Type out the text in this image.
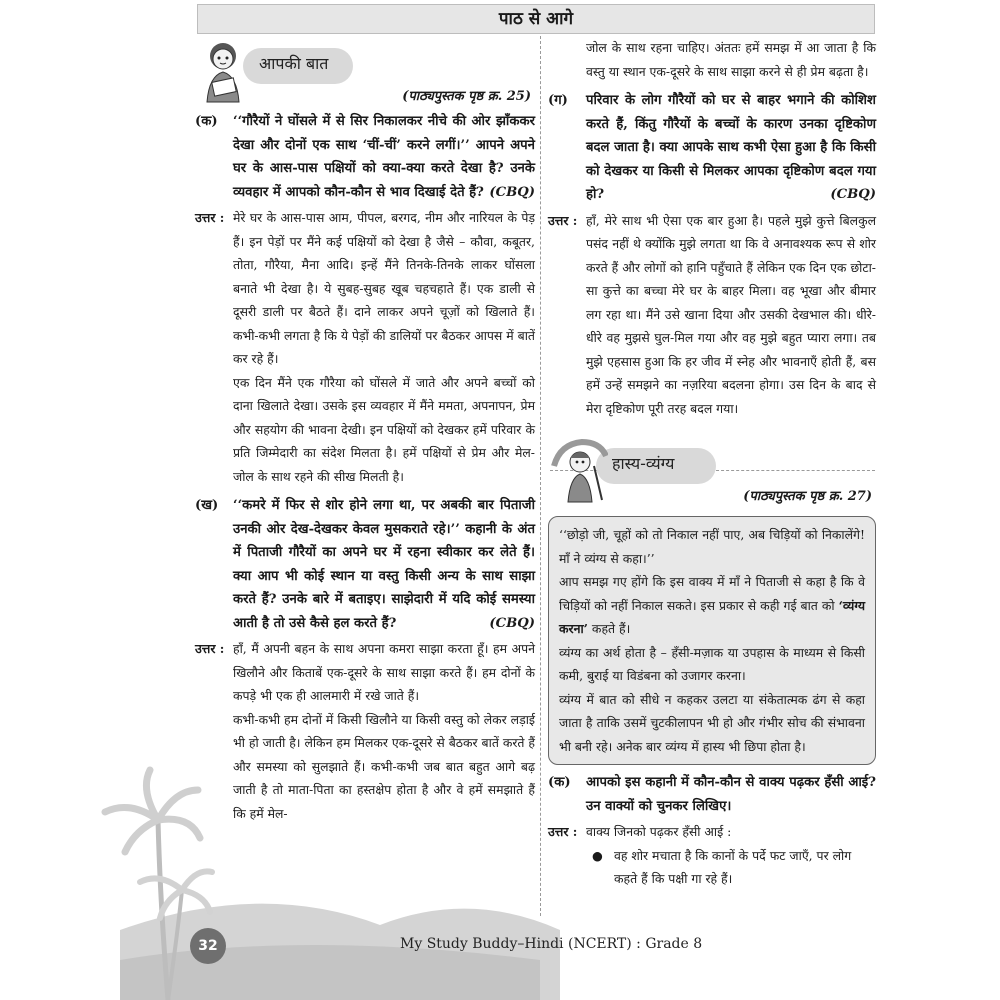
पाठ से आगे
आपकी बात
(पाठ्यपुस्तक पृष्ठ क्र. 25)
(क) ‘‘गौरैयों ने घोंसले में से सिर निकालकर नीचे की ओर झाँककर देखा और दोनों एक साथ ‘चीं-चीं’ करने लगीं।’’ आपने अपने घर के आस-पास पक्षियों को क्या-क्या करते देखा है? उनके व्यवहार में आपको कौन-कौन से भाव दिखाई देते हैं? (CBQ)
उत्तर : मेरे घर के आस-पास आम, पीपल, बरगद, नीम और नारियल के पेड़ हैं। इन पेड़ों पर मैंने कई पक्षियों को देखा है जैसे – कौवा, कबूतर, तोता, गौरैया, मैना आदि। इन्हें मैंने तिनके-तिनके लाकर घोंसला बनाते भी देखा है। ये सुबह-सुबह खूब चहचहाते हैं। एक डाली से दूसरी डाली पर बैठते हैं। दाने लाकर अपने चूज़ों को खिलाते हैं। कभी-कभी लगता है कि ये पेड़ों की डालियों पर बैठकर आपस में बातें कर रहे हैं।

एक दिन मैंने एक गौरैया को घोंसले में जाते और अपने बच्चों को दाना खिलाते देखा। उसके इस व्यवहार में मैंने ममता, अपनापन, प्रेम और सहयोग की भावना देखी। इन पक्षियों को देखकर हमें परिवार के प्रति जिम्मेदारी का संदेश मिलता है। हमें पक्षियों से प्रेम और मेल-जोल के साथ रहने की सीख मिलती है।

(ख) ‘‘कमरे में फिर से शोर होने लगा था, पर अबकी बार पिताजी उनकी ओर देख-देखकर केवल मुसकराते रहे।’’ कहानी के अंत में पिताजी गौरैयों का अपने घर में रहना स्वीकार कर लेते हैं। क्या आप भी कोई स्थान या वस्तु किसी अन्य के साथ साझा करते हैं? उनके बारे में बताइए। साझेदारी में यदि कोई समस्या आती है तो उसे कैसे हल करते हैं?	(CBQ)
उत्तर : हाँ, मैं अपनी बहन के साथ अपना कमरा साझा करता हूँ। हम अपने खिलौने और किताबें एक-दूसरे के साथ साझा करते हैं। हम दोनों के कपड़े भी एक ही आलमारी में रखे जाते हैं।

कभी-कभी हम दोनों में किसी खिलौने या किसी वस्तु को लेकर लड़ाई भी हो जाती है। लेकिन हम मिलकर एक-दूसरे से बैठकर बातें करते हैं और समस्या को सुलझाते हैं। कभी-कभी जब बात बहुत आगे बढ़ जाती है तो माता-पिता का हस्तक्षेप होता है और वे हमें समझाते हैं कि हमें मेल-

जोल के साथ रहना चाहिए। अंततः हमें समझ में आ जाता है कि वस्तु या स्थान एक-दूसरे के साथ साझा करने से ही प्रेम बढ़ता है।

(ग) परिवार के लोग गौरैयों को घर से बाहर भगाने की कोशिश करते हैं, किंतु गौरैयों के बच्चों के कारण उनका दृष्टिकोण बदल जाता है। क्या आपके साथ कभी ऐसा हुआ है कि किसी को देखकर या किसी से मिलकर आपका दृष्टिकोण बदल गया हो?	(CBQ)
उत्तर : हाँ, मेरे साथ भी ऐसा एक बार हुआ है। पहले मुझे कुत्ते बिलकुल पसंद नहीं थे क्योंकि मुझे लगता था कि वे अनावश्यक रूप से शोर करते हैं और लोगों को हानि पहुँचाते हैं लेकिन एक दिन एक छोटा-सा कुत्ते का बच्चा मेरे घर के बाहर मिला। वह भूखा और बीमार लग रहा था। मैंने उसे खाना दिया और उसकी देखभाल की। धीरे-धीरे वह मुझसे घुल-मिल गया और वह मुझे बहुत प्यारा लगा। तब मुझे एहसास हुआ कि हर जीव में स्नेह और भावनाएँ होती हैं, बस हमें उन्हें समझने का नज़रिया बदलना होगा। उस दिन के बाद से मेरा दृष्टिकोण पूरी तरह बदल गया।

हास्य-व्यंग्य
(पाठ्यपुस्तक पृष्ठ क्र. 27)

‘‘छोड़ो जी, चूहों को तो निकाल नहीं पाए, अब चिड़ियों को निकालेंगे! माँ ने व्यंग्य से कहा।’’

आप समझ गए होंगे कि इस वाक्य में माँ ने पिताजी से कहा है कि वे चिड़ियों को नहीं निकाल सकते। इस प्रकार से कही गई बात को ‘व्यंग्य करना’ कहते हैं।

व्यंग्य का अर्थ होता है – हँसी-मज़ाक या उपहास के माध्यम से किसी कमी, बुराई या विडंबना को उजागर करना।

व्यंग्य में बात को सीधे न कहकर उलटा या संकेतात्मक ढंग से कहा जाता है ताकि उसमें चुटकीलापन भी हो और गंभीर सोच की संभावना भी बनी रहे। अनेक बार व्यंग्य में हास्य भी छिपा होता है।

(क) आपको इस कहानी में कौन-कौन से वाक्य पढ़कर हँसी आई? उन वाक्यों को चुनकर लिखिए।
उत्तर : वाक्य जिनको पढ़कर हँसी आई :

● वह शोर मचाता है कि कानों के पर्दे फट जाएँ, पर लोग कहते हैं कि पक्षी गा रहे हैं।
32	My Study Buddy–Hindi (NCERT) : Grade 8
